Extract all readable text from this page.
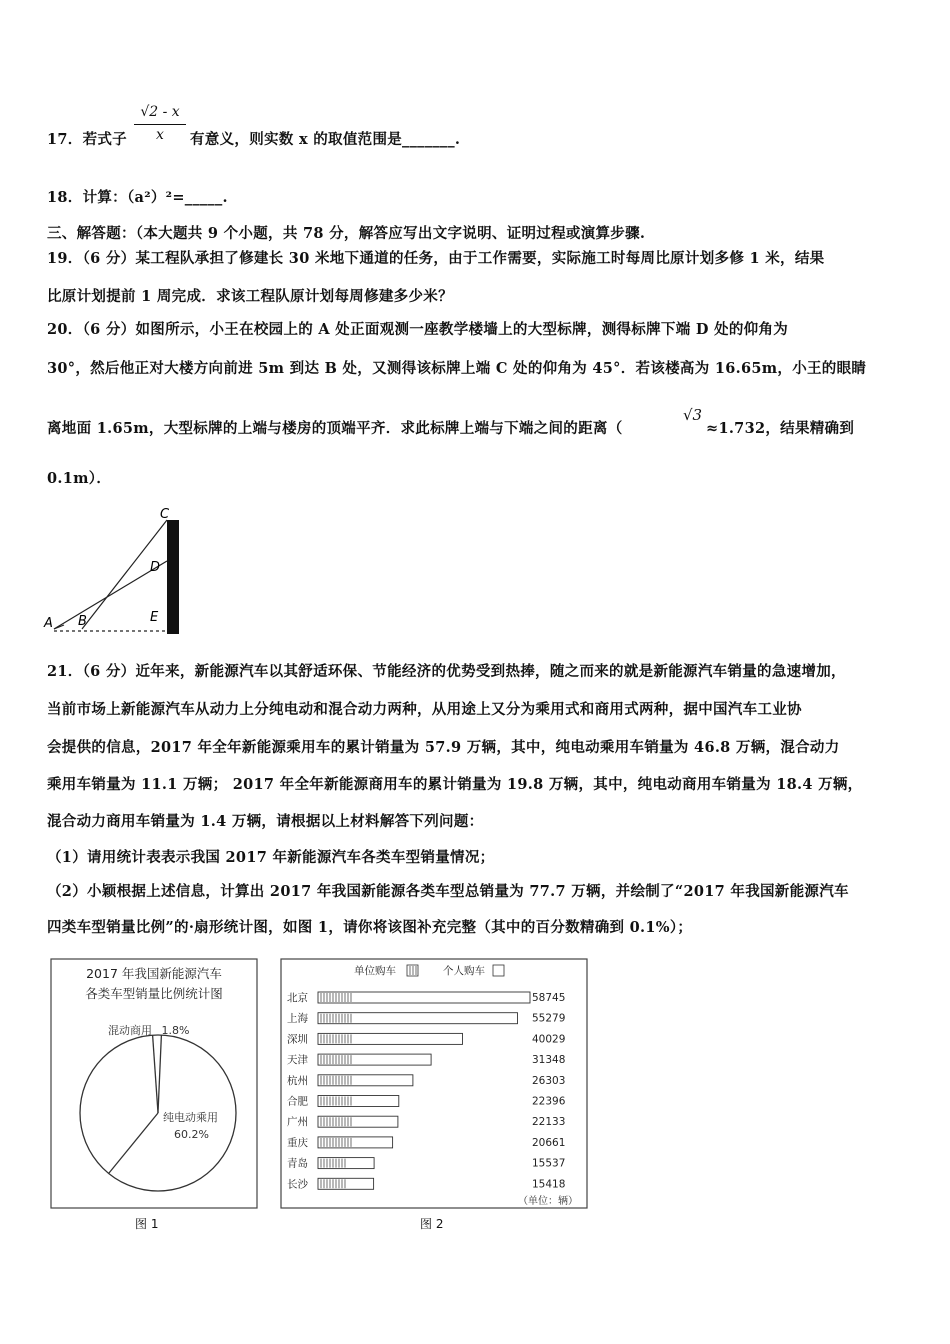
17．若式子
√2 - x
x	有意义，则实数 x 的取值范围是_______.
18．计算：（a²）²=_____.
三、解答题：（本大题共 9 个小题，共 78 分，解答应写出文字说明、证明过程或演算步骤.
19．（6 分）某工程队承担了修建长 30 米地下通道的任务，由于工作需要，实际施工时每周比原计划多修 1 米，结果
比原计划提前 1 周完成．求该工程队原计划每周修建多少米？
20．（6 分）如图所示，小王在校园上的 A 处正面观测一座教学楼墙上的大型标牌，测得标牌下端 D 处的仰角为
30°，然后他正对大楼方向前进 5m 到达 B 处，又测得该标牌上端 C 处的仰角为 45°．若该楼高为 16.65m，小王的眼睛
离地面 1.65m，大型标牌的上端与楼房的顶端平齐．求此标牌上端与下端之间的距离（
√3
≈1.732，结果精确到
0.1m）．
C
D
E
A B
21．（6 分）近年来，新能源汽车以其舒适环保、节能经济的优势受到热捧，随之而来的就是新能源汽车销量的急速增加，
当前市场上新能源汽车从动力上分纯电动和混合动力两种，从用途上又分为乘用式和商用式两种，据中国汽车工业协
会提供的信息，2017 年全年新能源乘用车的累计销量为 57.9 万辆，其中，纯电动乘用车销量为 46.8 万辆，混合动力
乘用车销量为 11.1 万辆； 2017 年全年新能源商用车的累计销量为 19.8 万辆，其中，纯电动商用车销量为 18.4 万辆，
混合动力商用车销量为 1.4 万辆，请根据以上材料解答下列问题：
（1）请用统计表表示我国 2017 年新能源汽车各类车型销量情况；
（2）小颖根据上述信息，计算出 2017 年我国新能源各类车型总销量为 77.7 万辆，并绘制了“2017 年我国新能源汽车
四类车型销量比例”的·扇形统计图，如图 1，请你将该图补充完整（其中的百分数精确到 0.1%）；
2017 年我国新能源汽车
各类车型销量比例统计图
混动商用 1.8%
纯电动乘用
60.2%
图 1
单位购车	个人购车
北京	58745
上海	55279
深圳	40029
天津	31348
杭州	26303
合肥	22396
广州	22133
重庆	20661
青岛	15537
长沙	15418
（单位：辆）
图 2
